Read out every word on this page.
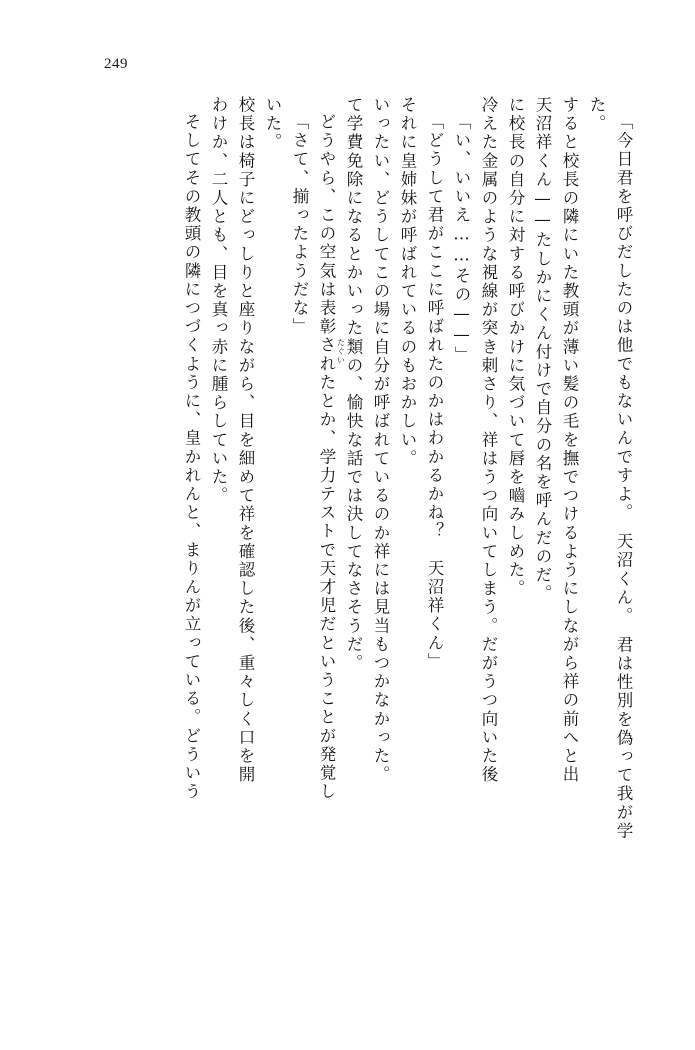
249
そしてその教頭の隣につづくように、皇かれんと、まりんが立っている。どういう わけか、二人とも、目を真っ赤に腫らしていた。 校長は椅子にどっしりと座りながら、目を細めて祥を確認した後、重々しく口を開 いた。 「さて、揃ったようだな」 どうやら、この空気は表彰されたとか、学力テストで天才児だということが発覚し て学費免除になるとかいった類の、愉快な話では決してなさそうだ。
たぐい いったい、どうしてこの場に自分が呼ばれているのか祥には見当もつかなかった。 それに皇姉妹が呼ばれているのもおかしい。 「どうして君がここに呼ばれたのかはわかるかね？　天沼祥くん」 「い、いいえ……その——」 冷えた金属のような視線が突き刺さり、祥はうつ向いてしまう。だがうつ向いた後 に校長の自分に対する呼びかけに気づいて唇を嚙みしめた。 天沼祥くん——たしかにくん付けで自分の名を呼んだのだ。 すると校長の隣にいた教頭が薄い髪の毛を撫でつけるようにしながら祥の前へと出 た。 「今日君を呼びだしたのは他でもないんですよ。　天沼くん。　君は性別を偽って我が学
